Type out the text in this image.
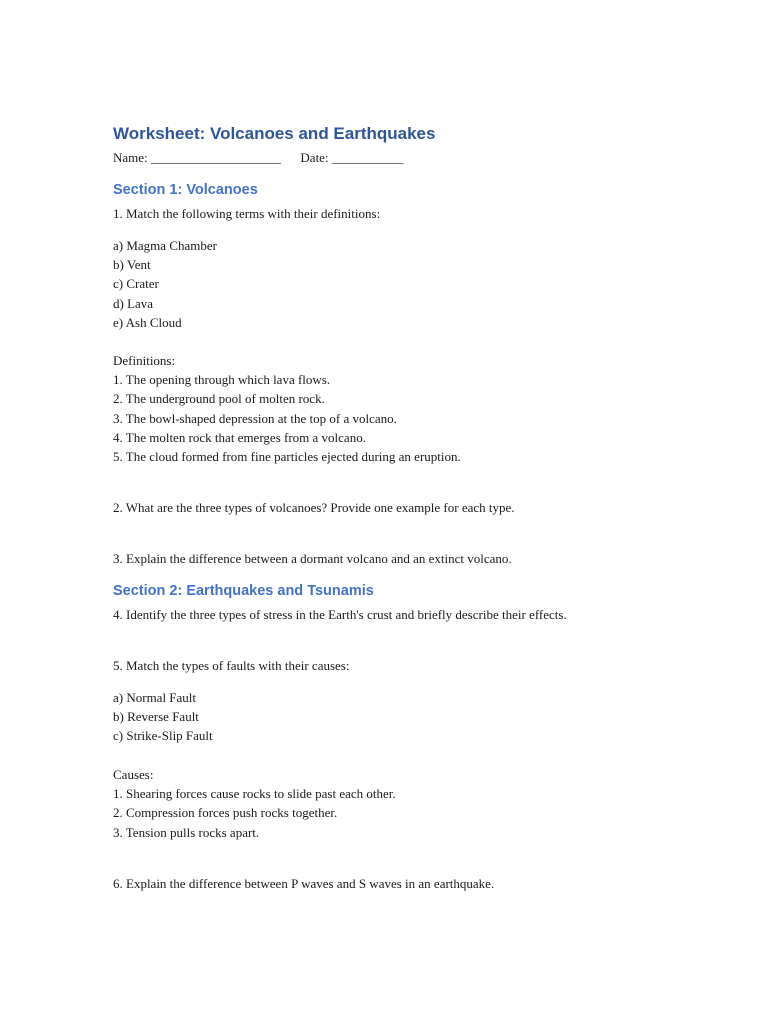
Worksheet: Volcanoes and Earthquakes
Name: ____________________ Date: ___________
Section 1: Volcanoes
1. Match the following terms with their definitions:
a) Magma Chamber
b) Vent
c) Crater
d) Lava
e) Ash Cloud
Definitions:
1. The opening through which lava flows.
2. The underground pool of molten rock.
3. The bowl-shaped depression at the top of a volcano.
4. The molten rock that emerges from a volcano.
5. The cloud formed from fine particles ejected during an eruption.
2. What are the three types of volcanoes? Provide one example for each type.
3. Explain the difference between a dormant volcano and an extinct volcano.
Section 2: Earthquakes and Tsunamis
4. Identify the three types of stress in the Earth's crust and briefly describe their effects.
5. Match the types of faults with their causes:
a) Normal Fault
b) Reverse Fault
c) Strike-Slip Fault
Causes:
1. Shearing forces cause rocks to slide past each other.
2. Compression forces push rocks together.
3. Tension pulls rocks apart.
6. Explain the difference between P waves and S waves in an earthquake.
